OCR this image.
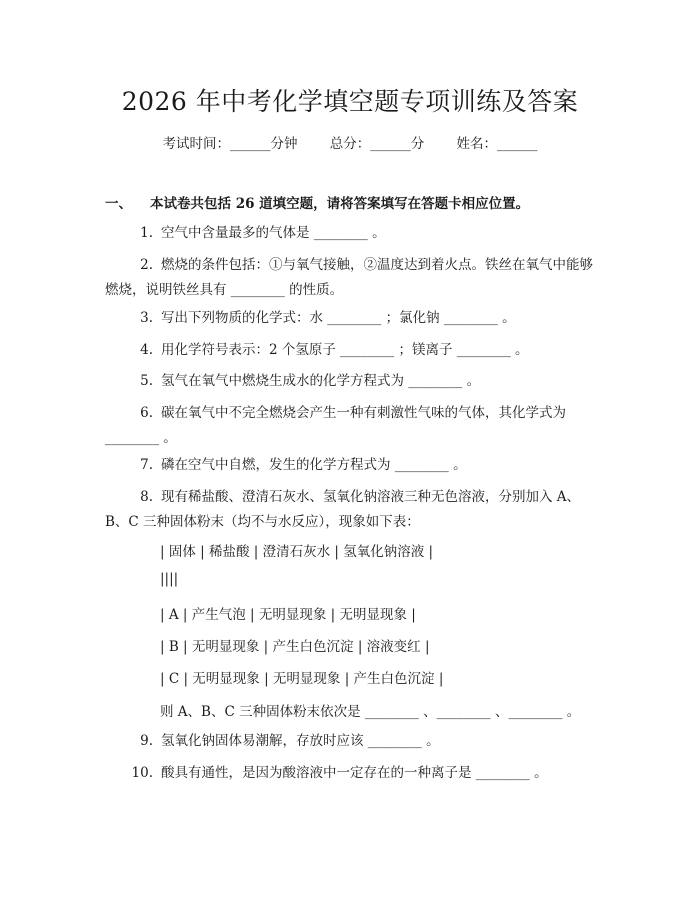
2026 年中考化学填空题专项训练及答案
考试时间：______分钟 总分：______分 姓名：______
一、 本试卷共包括 26 道填空题，请将答案填写在答题卡相应位置。
1. 空气中含量最多的气体是 ________ 。
2. 燃烧的条件包括：①与氧气接触，②温度达到着火点。铁丝在氧气中能够
燃烧，说明铁丝具有 ________ 的性质。
3. 写出下列物质的化学式：水 ________ ；氯化钠 ________ 。
4. 用化学符号表示：2 个氢原子 ________ ；镁离子 ________ 。
5. 氢气在氧气中燃烧生成水的化学方程式为 ________ 。
6. 碳在氧气中不完全燃烧会产生一种有刺激性气味的气体，其化学式为
________ 。
7. 磷在空气中自燃，发生的化学方程式为 ________ 。
8. 现有稀盐酸、澄清石灰水、氢氧化钠溶液三种无色溶液，分别加入 A、
B、C 三种固体粉末（均不与水反应），现象如下表：
| 固体 | 稀盐酸 | 澄清石灰水 | 氢氧化钠溶液 |
||||
| A | 产生气泡 | 无明显现象 | 无明显现象 |
| B | 无明显现象 | 产生白色沉淀 | 溶液变红 |
| C | 无明显现象 | 无明显现象 | 产生白色沉淀 |
则 A、B、C 三种固体粉末依次是 ________ 、________ 、________ 。
9. 氢氧化钠固体易潮解，存放时应该 ________ 。
10. 酸具有通性，是因为酸溶液中一定存在的一种离子是 ________ 。
